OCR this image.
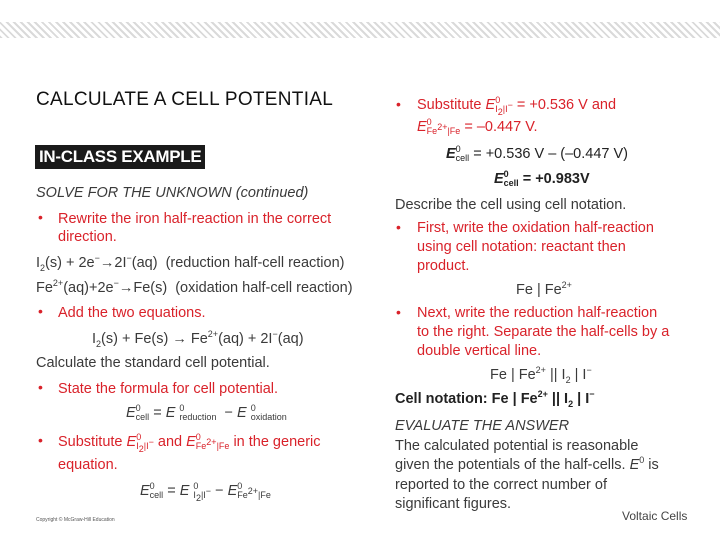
CALCULATE A CELL POTENTIAL
IN-CLASS EXAMPLE
SOLVE FOR THE UNKNOWN (continued)
• Rewrite the iron half-reaction in the correct
direction.
$I_2(s) + 2e^-\to 2I^-(aq)$  (reduction half-cell reaction)
$Fe^{2+}(aq)+2e^-\to Fe(s)$  (oxidation half-cell reaction)
• Add the two equations.
$I_2(s) + Fe(s) \to Fe^{2+}(aq) + 2I^-(aq)$
Calculate the standard cell potential.
• State the formula for cell potential.
E0
cell = E 0
reduction  − E 0
oxidation
• Substitute E0
$I_2|I^-$ and E0
$Fe^{2+}|Fe$ in the generic
equation.
E0
cell = E 0
$I_2|I^- - E0$
$Fe^{2+}|Fe$
• Substitute E0
$I_2|I^- = +0.536$ V and
E0
$Fe^{2+}|Fe = -0.447$ V.
E0
cell = +0.536 V – (–0.447 V)
E0
cell = +0.983V
Describe the cell using cell notation.
• First, write the oxidation half-reaction
using cell notation: reactant then
product.
Fe | $Fe^{2+}$
• Next, write the reduction half-reaction
to the right. Separate the half-cells by a
double vertical line.
Fe | $Fe^{2+}$ || $I_2$ | I−
Cell notation: Fe | $Fe^{2+}$ || $I_2$ | I−
EVALUATE THE ANSWER
The calculated potential is reasonable
given the potentials of the half-cells. $E^0$ is
reported to the correct number of
significant figures.
Copyright © McGraw-Hill Education	Voltaic Cells
